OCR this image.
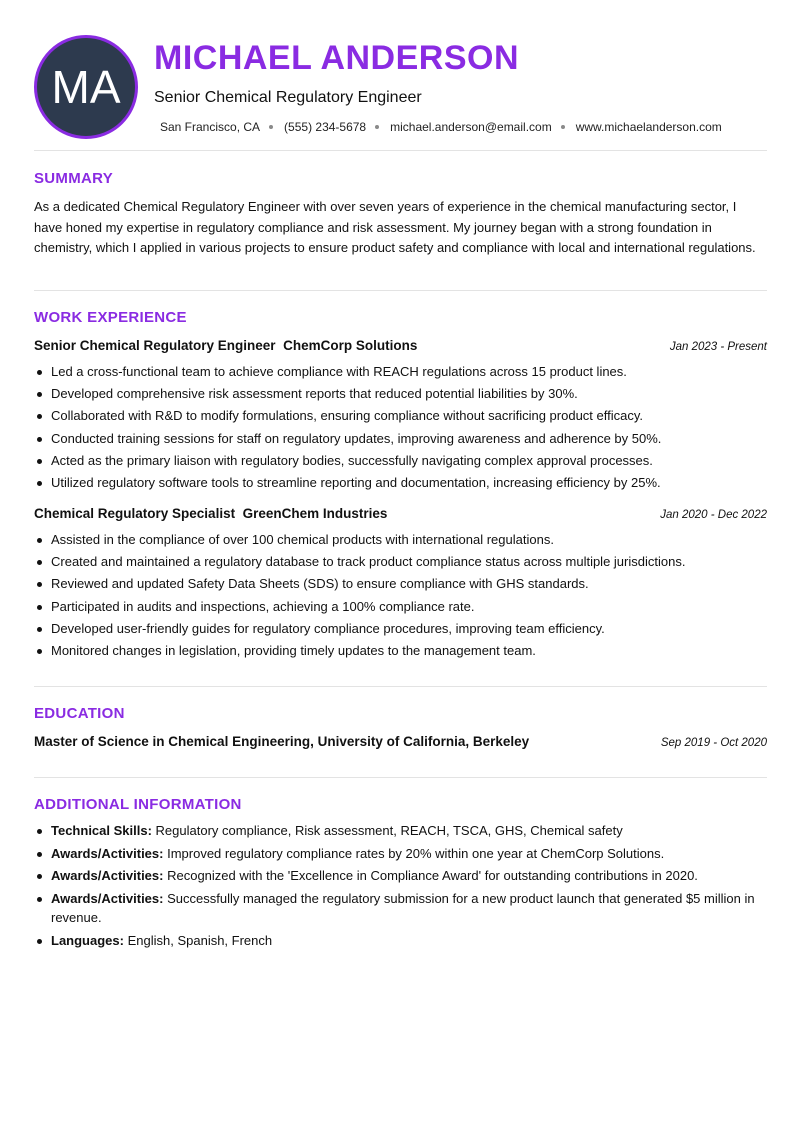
MA
MICHAEL ANDERSON
Senior Chemical Regulatory Engineer
San Francisco, CA (555) 234-5678 michael.anderson@email.com www.michaelanderson.com
SUMMARY

As a dedicated Chemical Regulatory Engineer with over seven years of experience in the chemical manufacturing sector, I have honed my expertise in regulatory compliance and risk assessment. My journey began with a strong foundation in chemistry, which I applied in various projects to ensure product safety and compliance with local and international regulations.

WORK EXPERIENCE
Senior Chemical Regulatory Engineer ChemCorp Solutions	Jan 2023 - Present
Led a cross-functional team to achieve compliance with REACH regulations across 15 product lines.
Developed comprehensive risk assessment reports that reduced potential liabilities by 30%.
Collaborated with R&D to modify formulations, ensuring compliance without sacrificing product efficacy.
Conducted training sessions for staff on regulatory updates, improving awareness and adherence by 50%.
Acted as the primary liaison with regulatory bodies, successfully navigating complex approval processes.
Utilized regulatory software tools to streamline reporting and documentation, increasing efficiency by 25%.
Chemical Regulatory Specialist GreenChem Industries	Jan 2020 - Dec 2022
Assisted in the compliance of over 100 chemical products with international regulations.
Created and maintained a regulatory database to track product compliance status across multiple jurisdictions.
Reviewed and updated Safety Data Sheets (SDS) to ensure compliance with GHS standards.
Participated in audits and inspections, achieving a 100% compliance rate.
Developed user-friendly guides for regulatory compliance procedures, improving team efficiency.
Monitored changes in legislation, providing timely updates to the management team.
EDUCATION
Master of Science in Chemical Engineering, University of California, Berkeley	Sep 2019 - Oct 2020
ADDITIONAL INFORMATION
Technical Skills: Regulatory compliance, Risk assessment, REACH, TSCA, GHS, Chemical safety
Awards/Activities: Improved regulatory compliance rates by 20% within one year at ChemCorp Solutions.
Awards/Activities: Recognized with the 'Excellence in Compliance Award' for outstanding contributions in 2020.
Awards/Activities: Successfully managed the regulatory submission for a new product launch that generated $5 million in revenue.
Languages: English, Spanish, French
